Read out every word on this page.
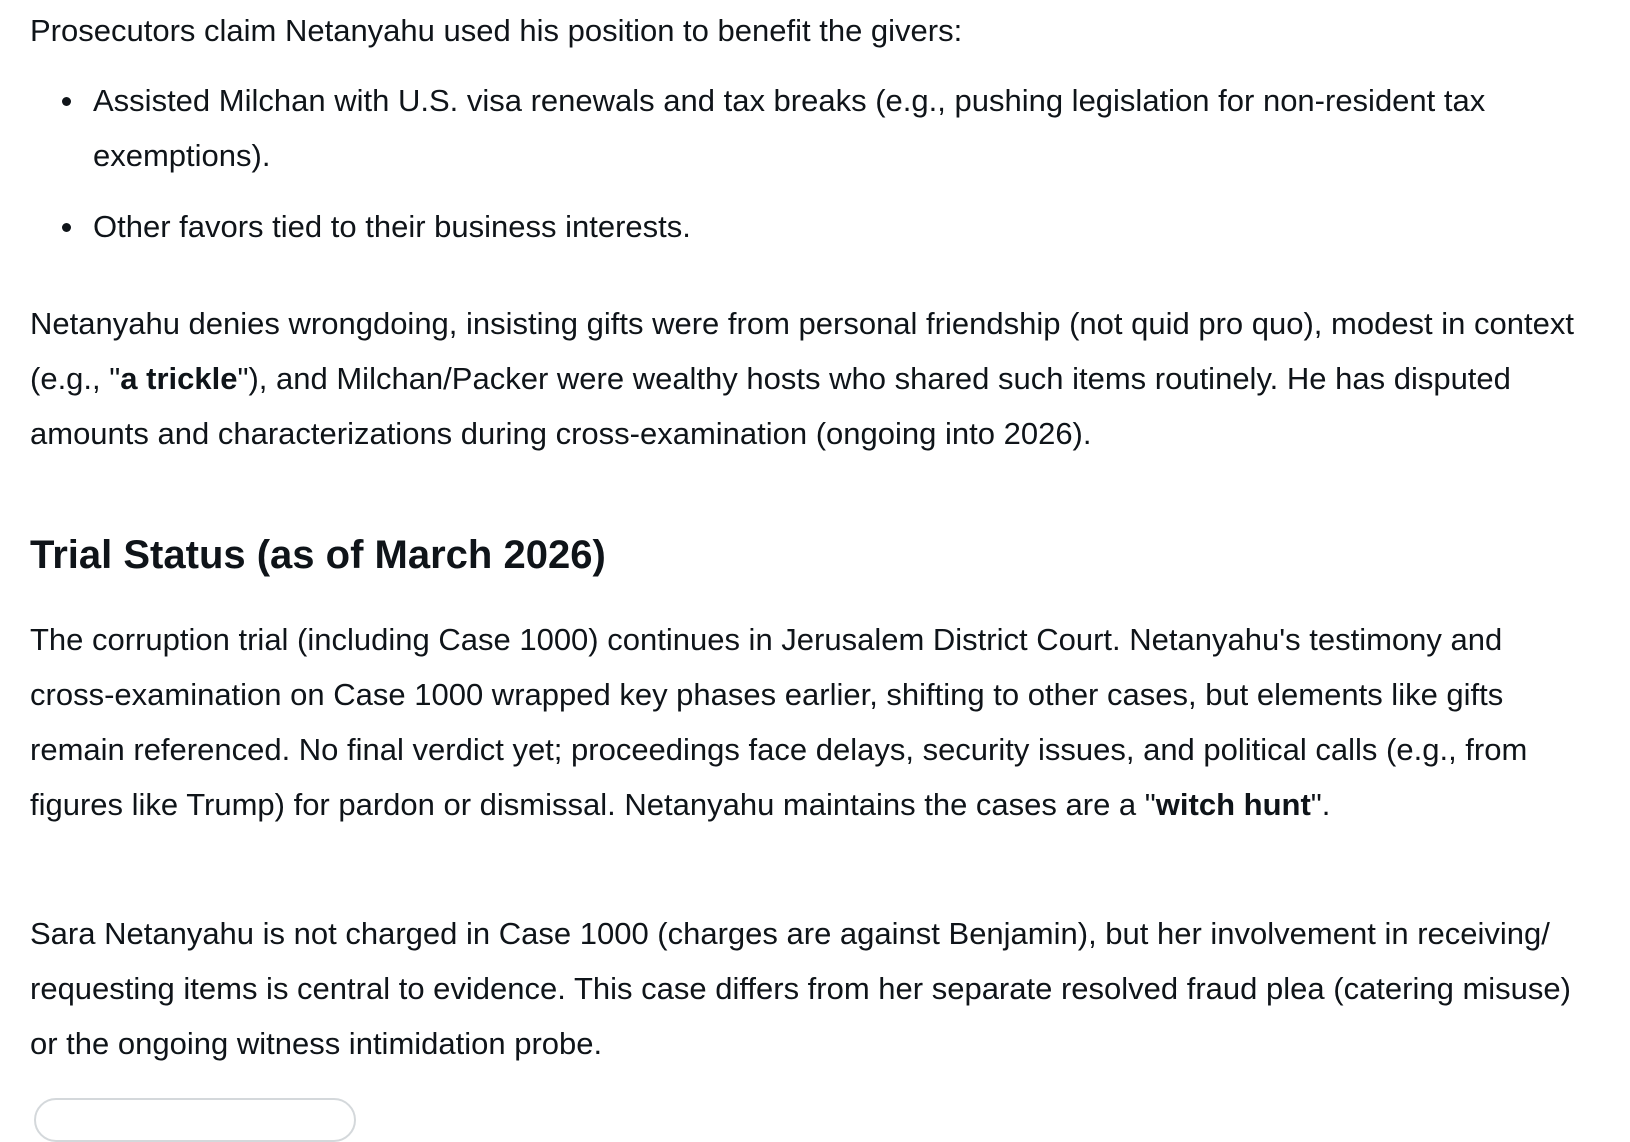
Prosecutors claim Netanyahu used his position to benefit the givers:

Assisted Milchan with U.S. visa renewals and tax breaks (e.g., pushing legislation for non-resident tax exemptions).
Other favors tied to their business interests.

Netanyahu denies wrongdoing, insisting gifts were from personal friendship (not quid pro quo), modest in context (e.g., "a trickle"), and Milchan/Packer were wealthy hosts who shared such items routinely. He has disputed amounts and characterizations during cross-examination (ongoing into 2026).

Trial Status (as of March 2026)

The corruption trial (including Case 1000) continues in Jerusalem District Court. Netanyahu's testimony and cross-examination on Case 1000 wrapped key phases earlier, shifting to other cases, but elements like gifts remain referenced. No final verdict yet; proceedings face delays, security issues, and political calls (e.g., from figures like Trump) for pardon or dismissal. Netanyahu maintains the cases are a "witch hunt".

Sara Netanyahu is not charged in Case 1000 (charges are against Benjamin), but her involvement in receiving/ requesting items is central to evidence. This case differs from her separate resolved fraud plea (catering misuse) or the ongoing witness intimidation probe.
